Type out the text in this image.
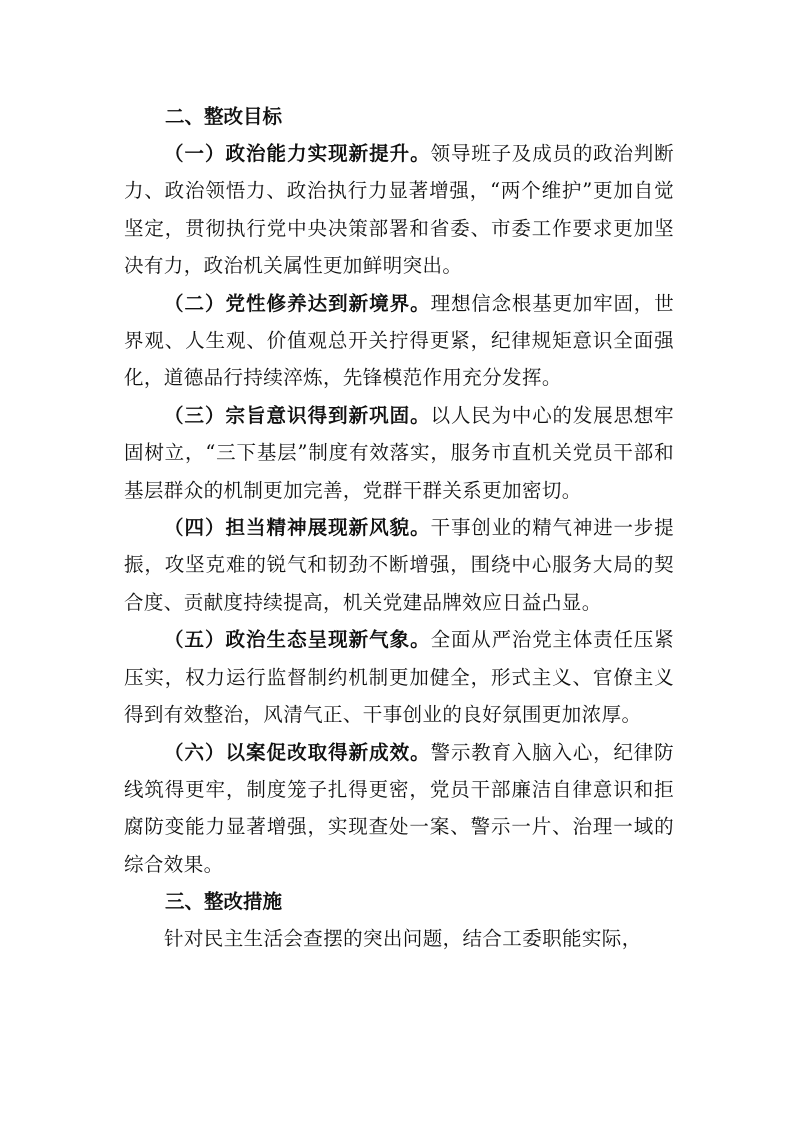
二、整改目标

（一）政治能力实现新提升。领导班子及成员的政治判断力、政治领悟力、政治执行力显著增强，“两个维护”更加自觉坚定，贯彻执行党中央决策部署和省委、市委工作要求更加坚决有力，政治机关属性更加鲜明突出。

（二）党性修养达到新境界。理想信念根基更加牢固，世界观、人生观、价值观总开关拧得更紧，纪律规矩意识全面强化，道德品行持续淬炼，先锋模范作用充分发挥。

（三）宗旨意识得到新巩固。以人民为中心的发展思想牢固树立，“三下基层”制度有效落实，服务市直机关党员干部和基层群众的机制更加完善，党群干群关系更加密切。

（四）担当精神展现新风貌。干事创业的精气神进一步提振，攻坚克难的锐气和韧劲不断增强，围绕中心服务大局的契合度、贡献度持续提高，机关党建品牌效应日益凸显。

（五）政治生态呈现新气象。全面从严治党主体责任压紧压实，权力运行监督制约机制更加健全，形式主义、官僚主义得到有效整治，风清气正、干事创业的良好氛围更加浓厚。

（六）以案促改取得新成效。警示教育入脑入心，纪律防线筑得更牢，制度笼子扎得更密，党员干部廉洁自律意识和拒腐防变能力显著增强，实现查处一案、警示一片、治理一域的综合效果。

三、整改措施

针对民主生活会查摆的突出问题，结合工委职能实际，
